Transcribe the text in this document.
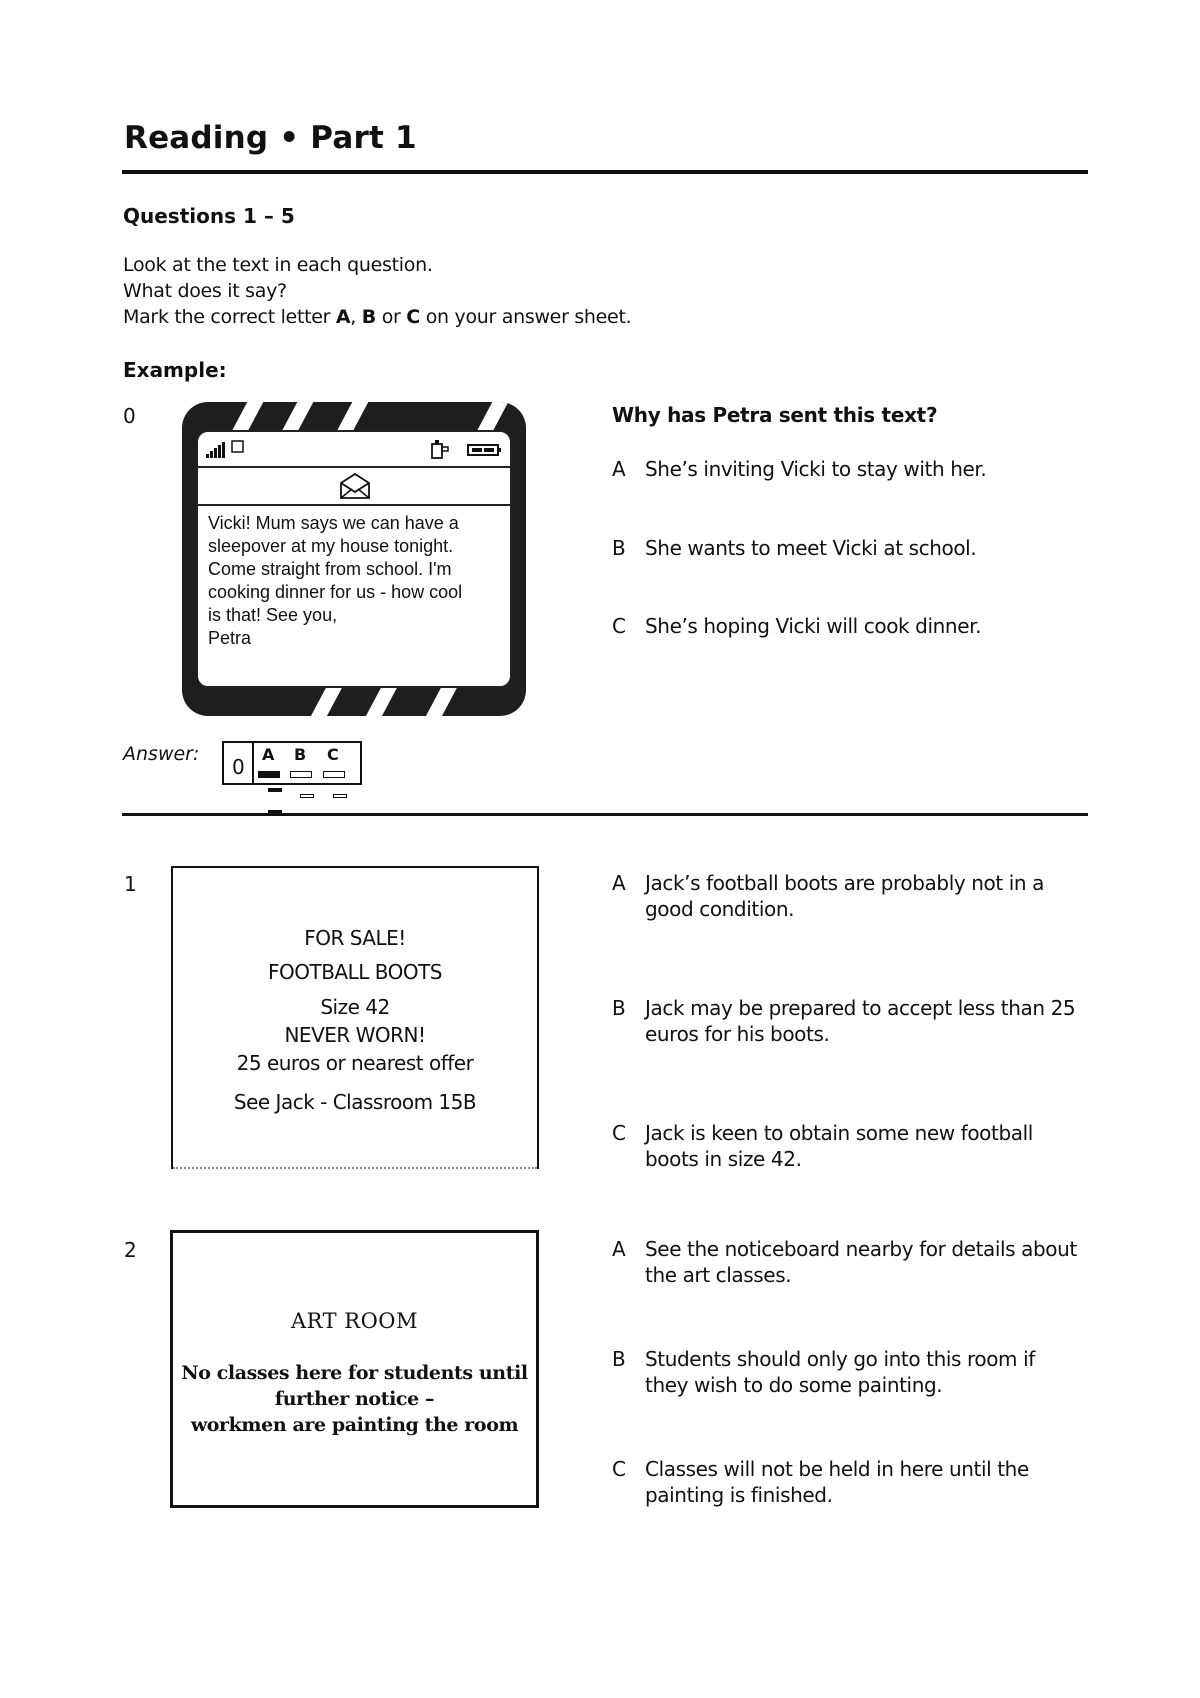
Reading • Part 1
Questions 1 – 5
Look at the text in each question.
What does it say?
Mark the correct letter A, B or C on your answer sheet.
Example:
0
Vicki! Mum says we can have a
sleepover at my house tonight.
Come straight from school. I'm
cooking dinner for us - how cool
is that! See you,
Petra
Why has Petra sent this text?
A She’s inviting Vicki to stay with her.
B She wants to meet Vicki at school.
C She’s hoping Vicki will cook dinner.
Answer:
0
A B C
1
FOR SALE!
FOOTBALL BOOTS
Size 42
NEVER WORN!
25 euros or nearest offer
See Jack - Classroom 15B
A Jack’s football boots are probably not in a good condition.
B Jack may be prepared to accept less than 25 euros for his boots.
C Jack is keen to obtain some new football boots in size 42.
2
ART ROOM
No classes here for students until
further notice –
workmen are painting the room
A See the noticeboard nearby for details about the art classes.
B Students should only go into this room if they wish to do some painting.
C Classes will not be held in here until the painting is finished.
